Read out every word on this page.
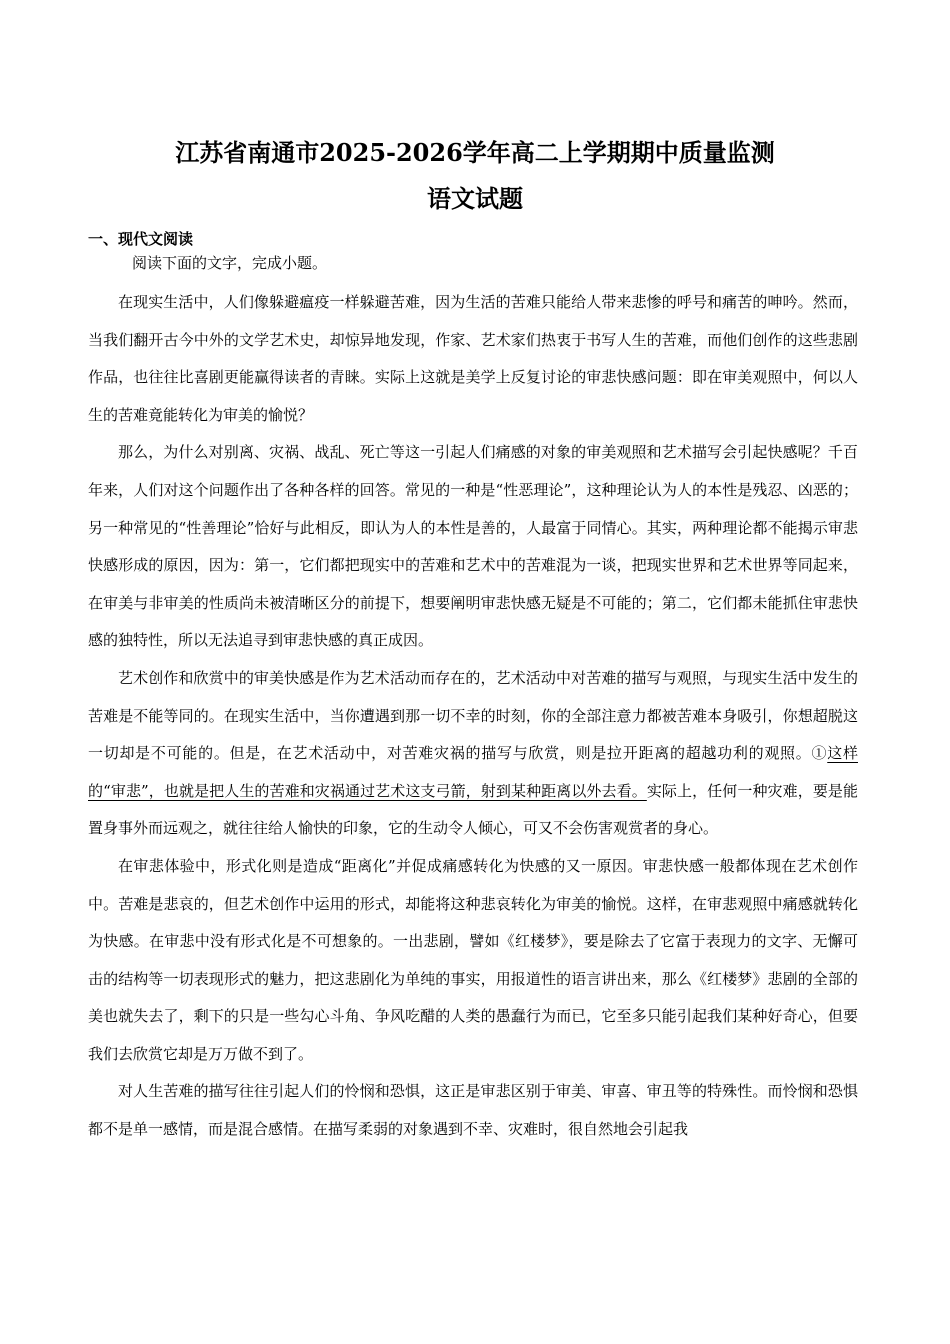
江苏省南通市2025-2026学年高二上学期期中质量监测
语文试题

一、现代文阅读

阅读下面的文字，完成小题。

在现实生活中，人们像躲避瘟疫一样躲避苦难，因为生活的苦难只能给人带来悲惨的呼号和痛苦的呻吟。然而，当我们翻开古今中外的文学艺术史，却惊异地发现，作家、艺术家们热衷于书写人生的苦难，而他们创作的这些悲剧作品，也往往比喜剧更能赢得读者的青睐。实际上这就是美学上反复讨论的审悲快感问题：即在审美观照中，何以人生的苦难竟能转化为审美的愉悦？

那么，为什么对别离、灾祸、战乱、死亡等这一引起人们痛感的对象的审美观照和艺术描写会引起快感呢？千百年来，人们对这个问题作出了各种各样的回答。常见的一种是“性恶理论”，这种理论认为人的本性是残忍、凶恶的；另一种常见的“性善理论”恰好与此相反，即认为人的本性是善的，人最富于同情心。其实，两种理论都不能揭示审悲快感形成的原因，因为：第一，它们都把现实中的苦难和艺术中的苦难混为一谈，把现实世界和艺术世界等同起来，在审美与非审美的性质尚未被清晰区分的前提下，想要阐明审悲快感无疑是不可能的；第二，它们都未能抓住审悲快感的独特性，所以无法追寻到审悲快感的真正成因。

艺术创作和欣赏中的审美快感是作为艺术活动而存在的，艺术活动中对苦难的描写与观照，与现实生活中发生的苦难是不能等同的。在现实生活中，当你遭遇到那一切不幸的时刻，你的全部注意力都被苦难本身吸引，你想超脱这一切却是不可能的。但是，在艺术活动中，对苦难灾祸的描写与欣赏，则是拉开距离的超越功利的观照。①这样的“审悲”，也就是把人生的苦难和灾祸通过艺术这支弓箭，射到某种距离以外去看。实际上，任何一种灾难，要是能置身事外而远观之，就往往给人愉快的印象，它的生动令人倾心，可又不会伤害观赏者的身心。

在审悲体验中，形式化则是造成“距离化”并促成痛感转化为快感的又一原因。审悲快感一般都体现在艺术创作中。苦难是悲哀的，但艺术创作中运用的形式，却能将这种悲哀转化为审美的愉悦。这样，在审悲观照中痛感就转化为快感。在审悲中没有形式化是不可想象的。一出悲剧，譬如《红楼梦》，要是除去了它富于表现力的文字、无懈可击的结构等一切表现形式的魅力，把这悲剧化为单纯的事实，用报道性的语言讲出来，那么《红楼梦》悲剧的全部的美也就失去了，剩下的只是一些勾心斗角、争风吃醋的人类的愚蠢行为而已，它至多只能引起我们某种好奇心，但要我们去欣赏它却是万万做不到了。

对人生苦难的描写往往引起人们的怜悯和恐惧，这正是审悲区别于审美、审喜、审丑等的特殊性。而怜悯和恐惧都不是单一感情，而是混合感情。在描写柔弱的对象遇到不幸、灾难时，很自然地会引起我
